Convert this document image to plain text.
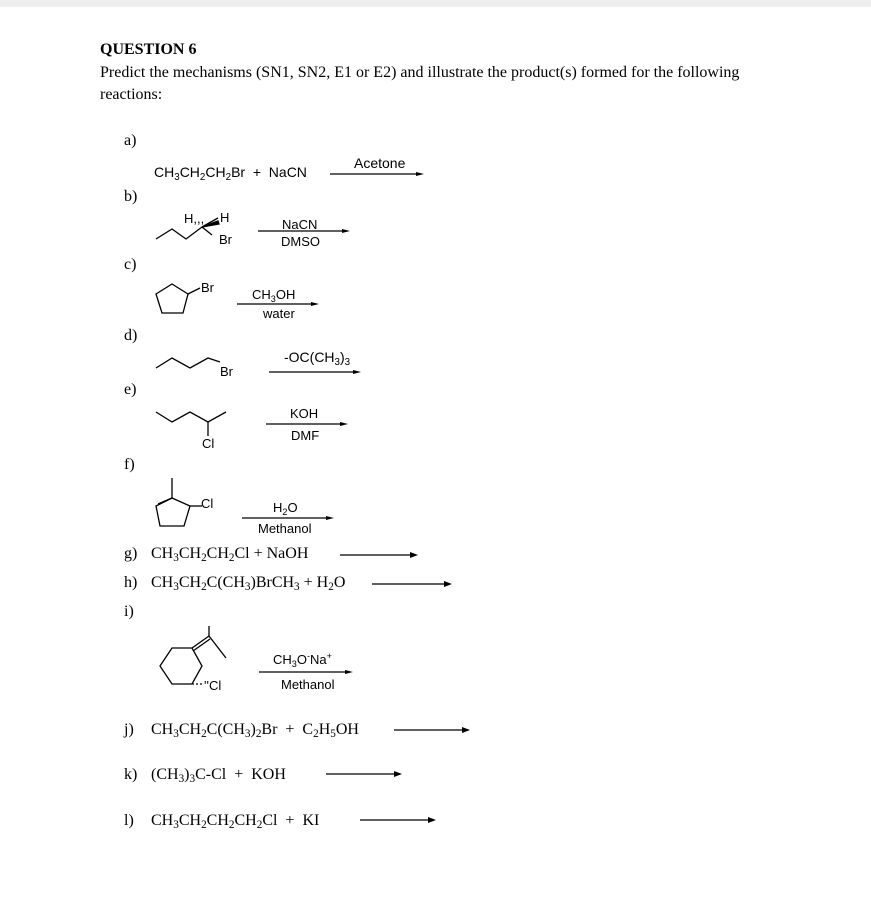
QUESTION 6
Predict the mechanisms (SN1, SN2, E1 or E2) and illustrate the product(s) formed for the following
reactions:
a)
$CH_3CH_2CH_2Br$  +  NaCN
Acetone
b)
H,,, H
Br
NaCN
DMSO
c)
Br	$CH_3OH$
water
d)
Br
$-OC(CH_3)_3$
e)
Cl
KOH
DMF
f)
Cl	$H_2O$
Methanol
g) $CH_3CH_2CH_2Cl$ + NaOH
h) $CH_3CH_2C(CH_3)BrCH_3 + H_2O$
i)
''Cl
$CH_3O^-Na^+$
Methanol
j) $CH_3CH_2C(CH_3)_2Br + C_2H_5OH$
k) $(CH_3)_3C-Cl$  +  KOH
l) $CH_3CH_2CH_2CH_2Cl$  +  KI
